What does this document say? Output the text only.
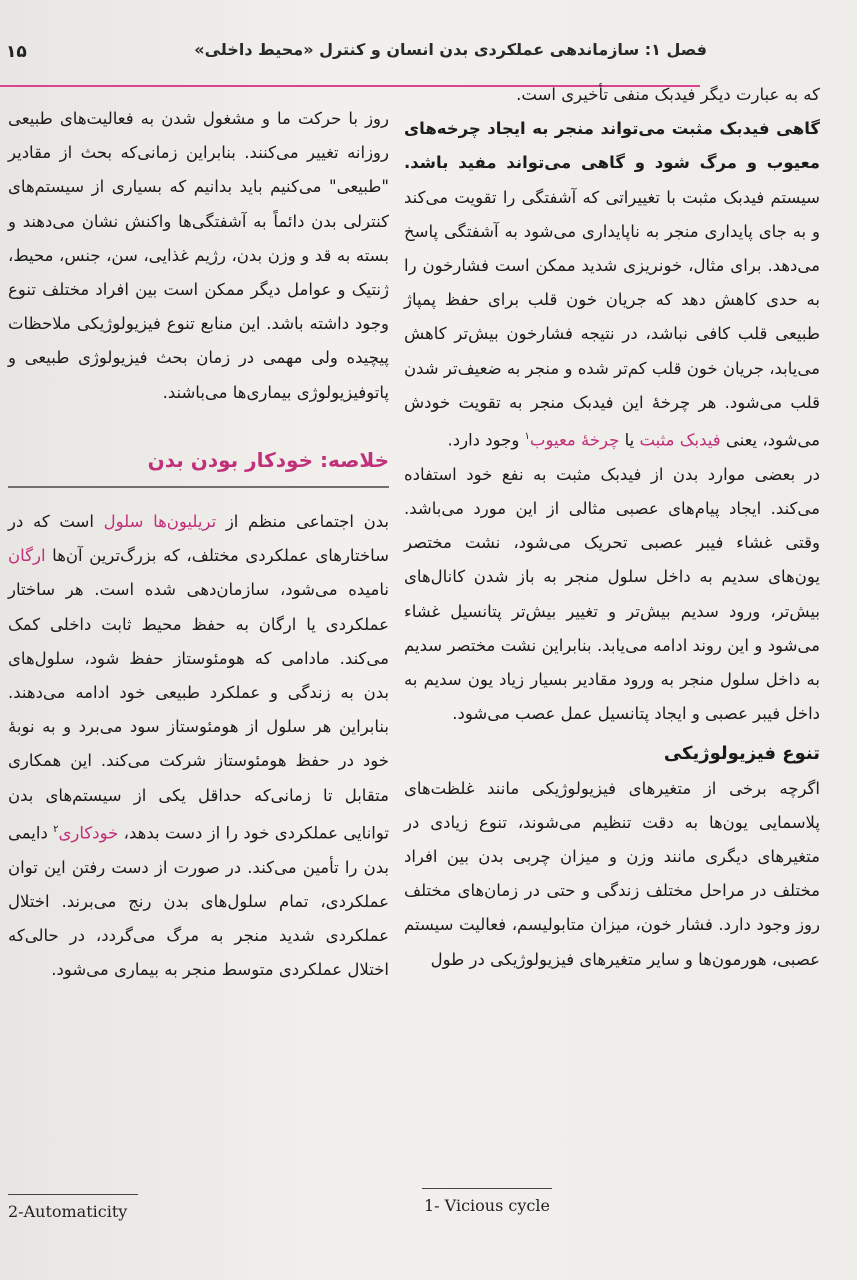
۱۵	فصل ۱: سازماندهی عملکردی بدن انسان و کنترل «محیط داخلی»

که به عبارت دیگر فیدبک منفی تأخیری است.

گاهی فیدبک مثبت می‌تواند منجر به ایجاد چرخه‌های معیوب و مرگ شود و گاهی می‌تواند مفید باشد. سیستم فیدبک مثبت با تغییراتی که آشفتگی را تقویت می‌کند و به جای پایداری منجر به ناپایداری می‌شود به آشفتگی پاسخ می‌دهد. برای مثال، خونریزی شدید ممکن است فشارخون را به حدی کاهش دهد که جریان خون قلب برای حفظ پمپاژ طبیعی قلب کافی نباشد، در نتیجه فشارخون بیش‌تر کاهش می‌یابد، جریان خون قلب کم‌تر شده و منجر به ضعیف‌تر شدن قلب می‌شود. هر چرخهٔ این فیدبک منجر به تقویت خودش می‌شود، یعنی فیدبک مثبت یا چرخهٔ معیوب$^۱$ وجود دارد.

در بعضی موارد بدن از فیدبک مثبت به نفع خود استفاده می‌کند. ایجاد پیام‌های عصبی مثالی از این مورد می‌باشد. وقتی غشاء فیبر عصبی تحریک می‌شود، نشت مختصر یون‌های سدیم به داخل سلول منجر به باز شدن کانال‌های بیش‌تر، ورود سدیم بیش‌تر و تغییر بیش‌تر پتانسیل غشاء می‌شود و این روند ادامه می‌یابد. بنابراین نشت مختصر سدیم به داخل سلول منجر به ورود مقادیر بسیار زیاد یون سدیم به داخل فیبر عصبی و ایجاد پتانسیل عمل عصب می‌شود.

تنوع فیزیولوژیکی

اگرچه برخی از متغیرهای فیزیولوژیکی مانند غلظت‌های پلاسمایی یون‌ها به دقت تنظیم می‌شوند، تنوع زیادی در متغیرهای دیگری مانند وزن و میزان چربی بدن بین افراد مختلف در مراحل مختلف زندگی و حتی در زمان‌های مختلف روز وجود دارد. فشار خون، میزان متابولیسم، فعالیت سیستم عصبی، هورمون‌ها و سایر متغیرهای فیزیولوژیکی در طول

روز با حرکت ما و مشغول شدن به فعالیت‌های طبیعی روزانه تغییر می‌کنند. بنابراین زمانی‌که بحث از مقادیر "طبیعی" می‌کنیم باید بدانیم که بسیاری از سیستم‌های کنترلی بدن دائماً به آشفتگی‌ها واکنش نشان می‌دهند و بسته به قد و وزن بدن، رژیم غذایی، سن، جنس، محیط، ژنتیک و عوامل دیگر ممکن است بین افراد مختلف تنوع وجود داشته باشد. این منابع تنوع فیزیولوژیکی ملاحظات پیچیده ولی مهمی در زمان بحث فیزیولوژی طبیعی و پاتوفیزیولوژی بیماری‌ها می‌باشند.

خلاصه: خودکار بودن بدن

بدن اجتماعی منظم از تریلیون‌ها سلول است که در ساختارهای عملکردی مختلف، که بزرگ‌ترین آن‌ها ارگان نامیده می‌شود، سازمان‌دهی شده است. هر ساختار عملکردی یا ارگان به حفظ محیط ثابت داخلی کمک می‌کند. مادامی که هومئوستاز حفظ شود، سلول‌های بدن به زندگی و عملکرد طبیعی خود ادامه می‌دهند. بنابراین هر سلول از هومئوستاز سود می‌برد و به نوبهٔ خود در حفظ هومئوستاز شرکت می‌کند. این همکاری متقابل تا زمانی‌که حداقل یکی از سیستم‌های بدن توانایی عملکردی خود را از دست بدهد، خودکاری$^۲$ دایمی بدن را تأمین می‌کند. در صورت از دست رفتن این توان عملکردی، تمام سلول‌های بدن رنج می‌برند. اختلال عملکردی شدید منجر به مرگ می‌گردد، در حالی‌که اختلال عملکردی متوسط منجر به بیماری می‌شود.

2-Automaticity	1- Vicious cycle
